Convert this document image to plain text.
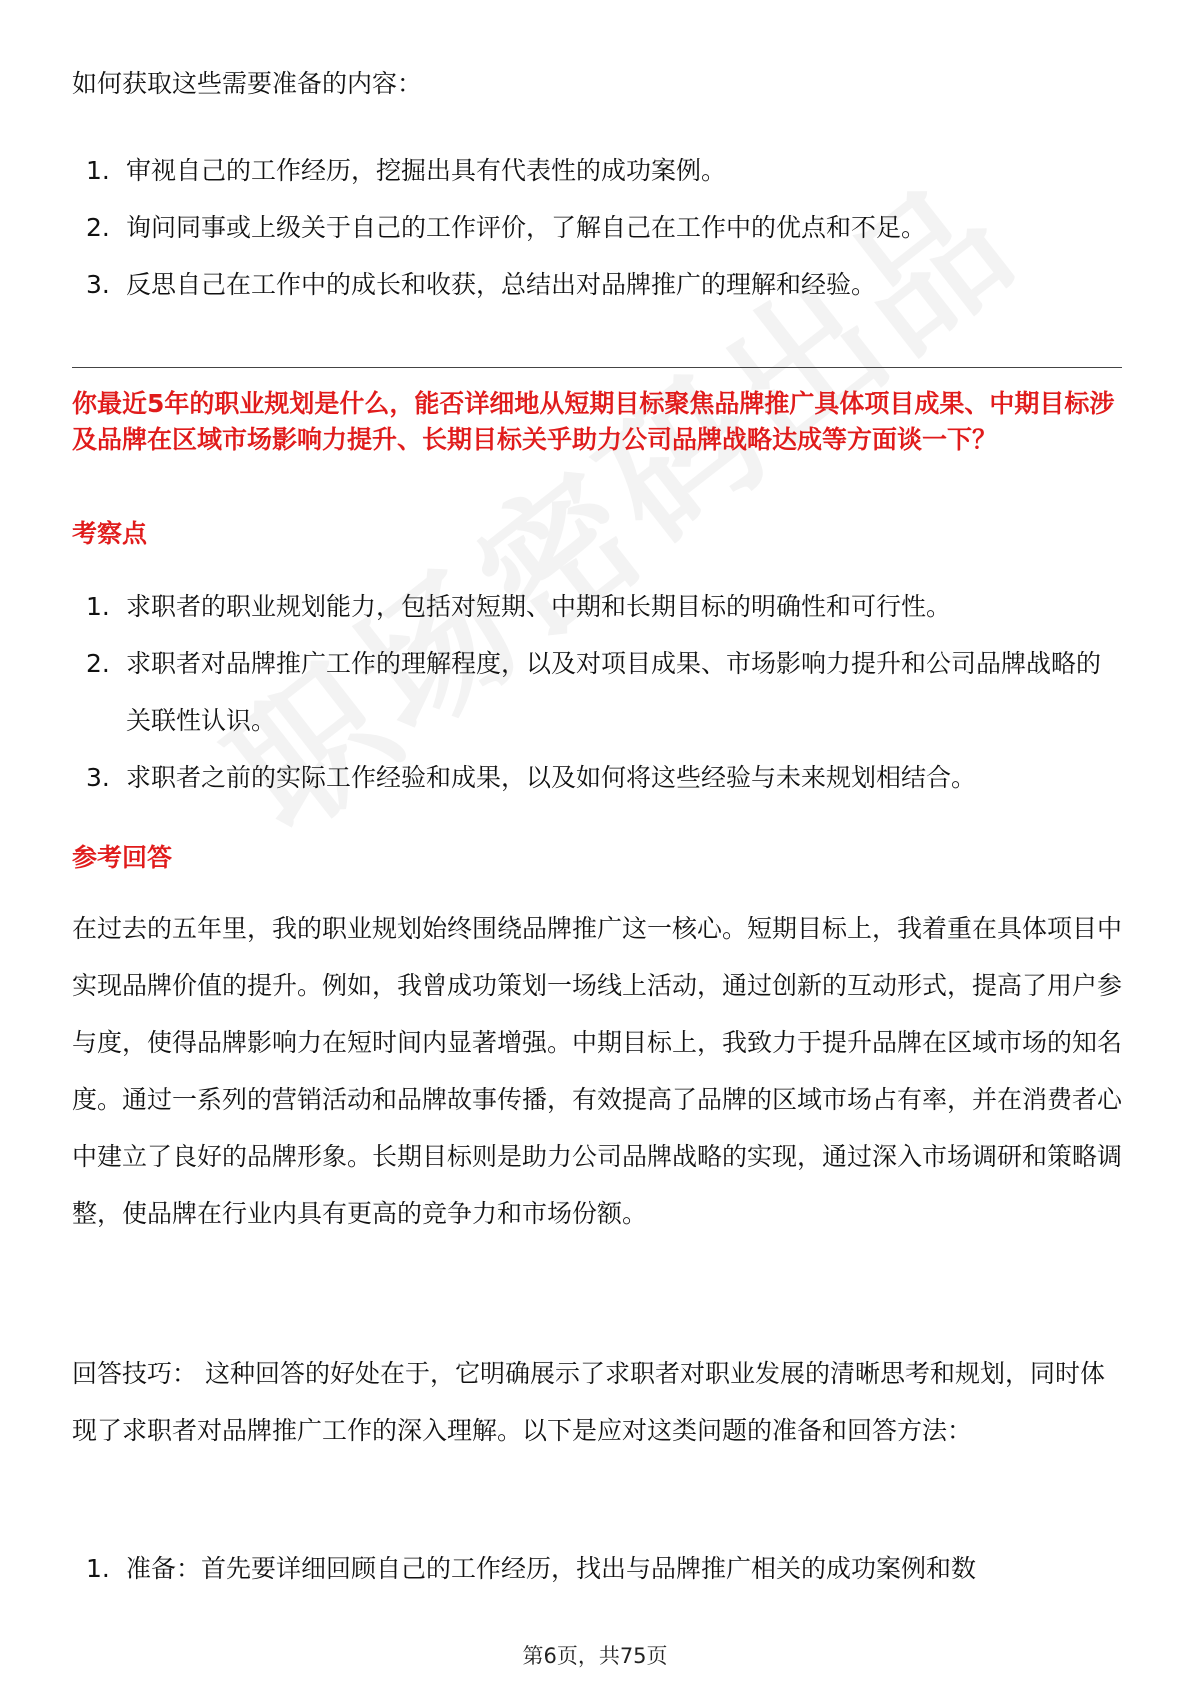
如何获取这些需要准备的内容：

1. 审视自己的工作经历，挖掘出具有代表性的成功案例。
2. 询问同事或上级关于自己的工作评价，了解自己在工作中的优点和不足。
3. 反思自己在工作中的成长和收获，总结出对品牌推广的理解和经验。
你最近5年的职业规划是什么，能否详细地从短期目标聚焦品牌推广具体项目成果、中期目标涉及品牌在区域市场影响力提升、长期目标关乎助力公司品牌战略达成等方面谈一下？
考察点
1. 求职者的职业规划能力，包括对短期、中期和长期目标的明确性和可行性。
2. 求职者对品牌推广工作的理解程度，以及对项目成果、市场影响力提升和公司品牌战略的关联性认识。
3. 求职者之前的实际工作经验和成果，以及如何将这些经验与未来规划相结合。
参考回答

在过去的五年里，我的职业规划始终围绕品牌推广这一核心。短期目标上，我着重在具体项目中实现品牌价值的提升。例如，我曾成功策划一场线上活动，通过创新的互动形式，提高了用户参与度，使得品牌影响力在短时间内显著增强。中期目标上，我致力于提升品牌在区域市场的知名度。通过一系列的营销活动和品牌故事传播，有效提高了品牌的区域市场占有率，并在消费者心中建立了良好的品牌形象。长期目标则是助力公司品牌战略的实现，通过深入市场调研和策略调整，使品牌在行业内具有更高的竞争力和市场份额。

回答技巧： 这种回答的好处在于，它明确展示了求职者对职业发展的清晰思考和规划，同时体现了求职者对品牌推广工作的深入理解。以下是应对这类问题的准备和回答方法：

1. 准备：首先要详细回顾自己的工作经历，找出与品牌推广相关的成功案例和数
第6页，共75页
